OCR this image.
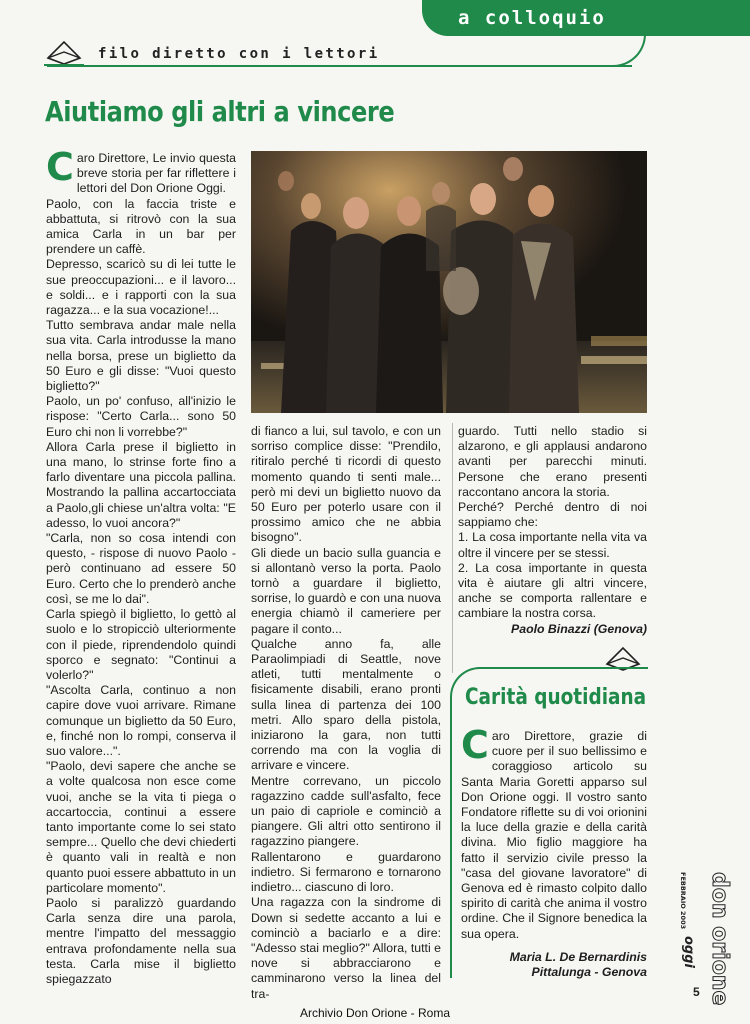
a colloquio
filo diretto con i lettori
Aiutiamo gli altri a vincere

Caro Direttore, Le invio questa breve storia per far riflettere i lettori del Don Orione Oggi.

Paolo, con la faccia triste e abbattuta, si ritrovò con la sua amica Carla in un bar per prendere un caffè.

Depresso, scaricò su di lei tutte le sue preoccupazioni... e il lavoro... e soldi... e i rapporti con la sua ragazza... e la sua vocazione!...

Tutto sembrava andar male nella sua vita. Carla introdusse la mano nella borsa, prese un biglietto da 50 Euro e gli disse: "Vuoi questo biglietto?"

Paolo, un po' confuso, all'inizio le rispose: "Certo Carla... sono 50 Euro chi non li vorrebbe?"

Allora Carla prese il biglietto in una mano, lo strinse forte fino a farlo diventare una piccola pallina. Mostrando la pallina accartocciata a Paolo,gli chiese un'altra volta: "E adesso, lo vuoi ancora?"

"Carla, non so cosa intendi con questo, - rispose di nuovo Paolo - però continuano ad essere 50 Euro. Certo che lo prenderò anche così, se me lo dai".

Carla spiegò il biglietto, lo gettò al suolo e lo stropicciò ulteriormente con il piede, riprendendolo quindi sporco e segnato: "Continui a volerlo?"

"Ascolta Carla, continuo a non capire dove vuoi arrivare. Rimane comunque un biglietto da 50 Euro, e, finché non lo rompi, conserva il suo valore...".

"Paolo, devi sapere che anche se a volte qualcosa non esce come vuoi, anche se la vita ti piega o accartoccia, continui a essere tanto importante come lo sei stato sempre... Quello che devi chiederti è quanto vali in realtà e non quanto puoi essere abbattuto in un particolare momento".

Paolo si paralizzò guardando Carla senza dire una parola, mentre l'impatto del messaggio entrava profondamente nella sua testa. Carla mise il biglietto spiegazzato

di fianco a lui, sul tavolo, e con un sorriso complice disse: "Prendilo, ritiralo perché ti ricordi di questo momento quando ti senti male... però mi devi un biglietto nuovo da 50 Euro per poterlo usare con il prossimo amico che ne abbia bisogno".

Gli diede un bacio sulla guancia e si allontanò verso la porta. Paolo tornò a guardare il biglietto, sorrise, lo guardò e con una nuova energia chiamò il cameriere per pagare il conto...

Qualche anno fa, alle Paraolimpiadi di Seattle, nove atleti, tutti mentalmente o fisicamente disabili, erano pronti sulla linea di partenza dei 100 metri. Allo sparo della pistola, iniziarono la gara, non tutti correndo ma con la voglia di arrivare e vincere.

Mentre correvano, un piccolo ragazzino cadde sull'asfalto, fece un paio di capriole e cominciò a piangere. Gli altri otto sentirono il ragazzino piangere.

Rallentarono e guardarono indietro. Si fermarono e tornarono indietro... ciascuno di loro.

Una ragazza con la sindrome di Down si sedette accanto a lui e cominciò a baciarlo e a dire: "Adesso stai meglio?" Allora, tutti e nove si abbracciarono e camminarono verso la linea del tra-

guardo. Tutti nello stadio si alzarono, e gli applausi andarono avanti per parecchi minuti. Persone che erano presenti raccontano ancora la storia.

Perché? Perché dentro di noi sappiamo che:

1. La cosa importante nella vita va oltre il vincere per se stessi.

2. La cosa importante in questa vita è aiutare gli altri vincere, anche se comporta rallentare e cambiare la nostra corsa.

Paolo Binazzi (Genova)

Carità quotidiana

Caro Direttore, grazie di cuore per il suo bellissimo e coraggioso articolo su Santa Maria Goretti apparso sul Don Orione oggi. Il vostro santo Fondatore riflette su di voi orionini la luce della grazie e della carità divina. Mio figlio maggiore ha fatto il servizio civile presso la "casa del giovane lavoratore" di Genova ed è rimasto colpito dallo spirito di carità che anima il vostro ordine. Che il Signore benedica la sua opera.

Maria L. De Bernardinis

Pittalunga - Genova	don orione
FEBBRAIO 2003
oggi
5
Archivio Don Orione - Roma
